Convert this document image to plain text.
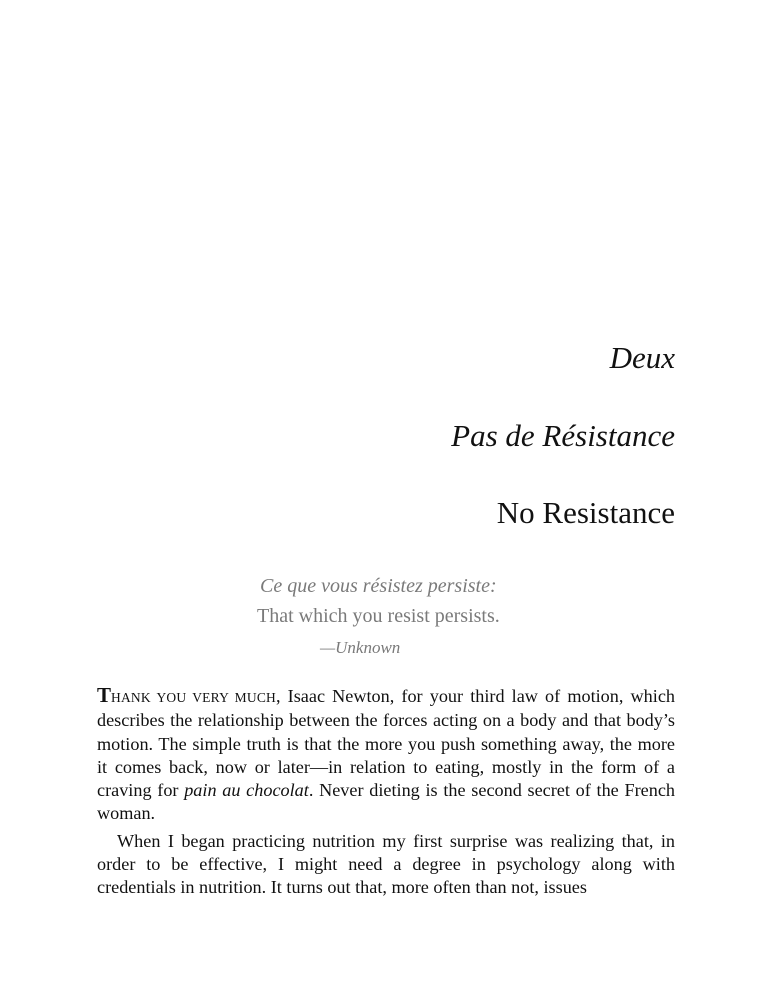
Deux
Pas de Résistance
No Resistance
Ce que vous résistez persiste:
That which you resist persists.
—Unknown

THANK YOU VERY MUCH, Isaac Newton, for your third law of motion, which describes the relationship between the forces acting on a body and that body’s motion. The simple truth is that the more you push something away, the more it comes back, now or later—in relation to eating, mostly in the form of a craving for pain au chocolat. Never dieting is the second secret of the French woman.

When I began practicing nutrition my first surprise was realizing that, in order to be effective, I might need a degree in psychology along with credentials in nutrition. It turns out that, more often than not, issues
